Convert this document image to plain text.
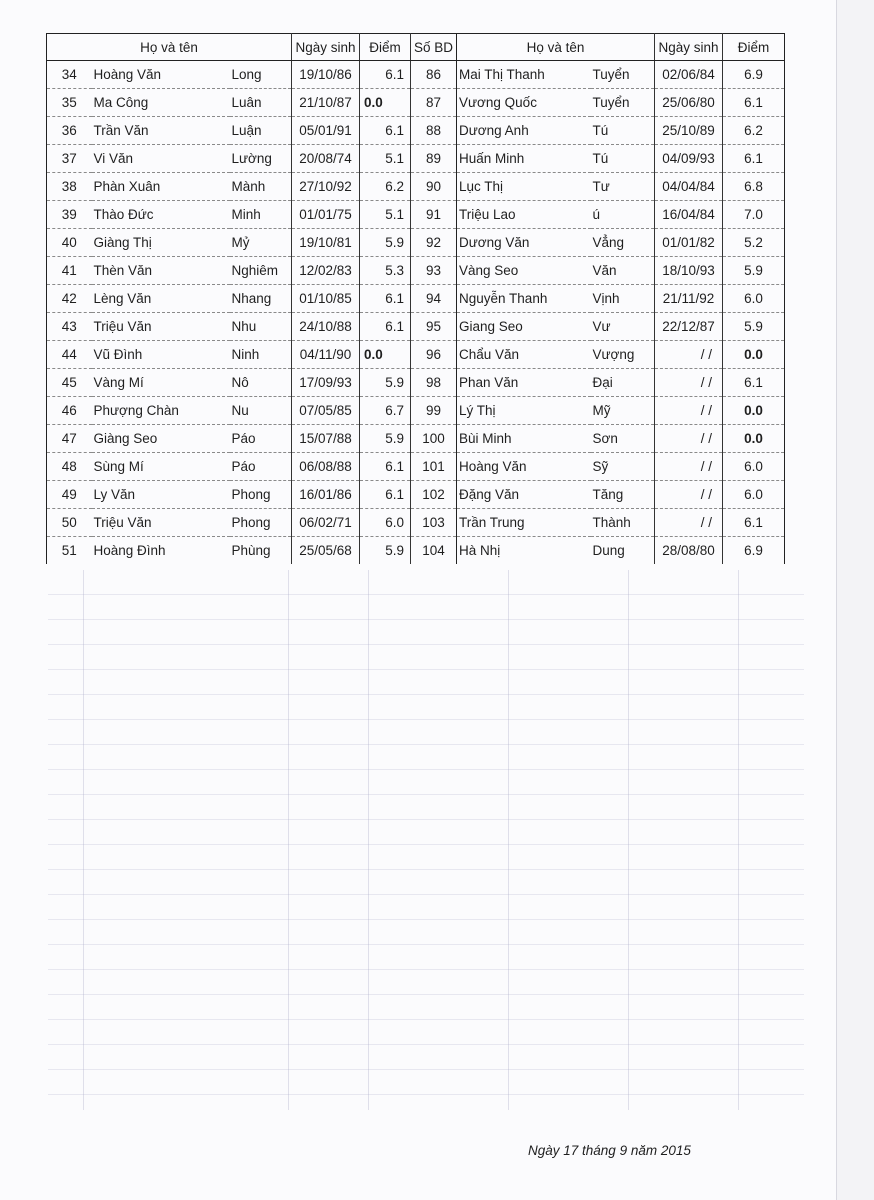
Họ và tên			Ngày sinh	Điểm	Số BD	Họ và tên		Ngày sinh	Điểm
34	Hoàng Văn	Long	19/10/86	6.1	86	Mai Thị Thanh	Tuyển	02/06/84	6.9
35	Ma Công	Luân	21/10/87	0.0	87	Vương Quốc	Tuyển	25/06/80	6.1
36	Trần Văn	Luận	05/01/91	6.1	88	Dương Anh	Tú	25/10/89	6.2
37	Vi Văn	Lường	20/08/74	5.1	89	Huấn Minh	Tú	04/09/93	6.1
38	Phàn Xuân	Mành	27/10/92	6.2	90	Lục Thị	Tư	04/04/84	6.8
39	Thào Đức	Minh	01/01/75	5.1	91	Triệu Lao	ú	16/04/84	7.0
40	Giàng Thị	Mỷ	19/10/81	5.9	92	Dương Văn	Vẳng	01/01/82	5.2
41	Thèn Văn	Nghiêm	12/02/83	5.3	93	Vàng Seo	Văn	18/10/93	5.9
42	Lèng Văn	Nhang	01/10/85	6.1	94	Nguyễn Thanh	Vịnh	21/11/92	6.0
43	Triệu Văn	Nhu	24/10/88	6.1	95	Giang Seo	Vư	22/12/87	5.9
44	Vũ Đình	Ninh	04/11/90	0.0	96	Chẩu Văn	Vượng	/ /	0.0
45	Vàng Mí	Nô	17/09/93	5.9	98	Phan Văn	Đại	/ /	6.1
46	Phượng Chàn	Nu	07/05/85	6.7	99	Lý Thị	Mỹ	/ /	0.0
47	Giàng Seo	Páo	15/07/88	5.9	100	Bùi Minh	Sơn	/ /	0.0
48	Sùng Mí	Páo	06/08/88	6.1	101	Hoàng Văn	Sỹ	/ /	6.0
49	Ly Văn	Phong	16/01/86	6.1	102	Đặng Văn	Tăng	/ /	6.0
50	Triệu Văn	Phong	06/02/71	6.0	103	Trần Trung	Thành	/ /	6.1
51	Hoàng Đình	Phùng	25/05/68	5.9	104	Hà Nhị	Dung	28/08/80	6.9
Ngày 17 tháng 9 năm 2015
